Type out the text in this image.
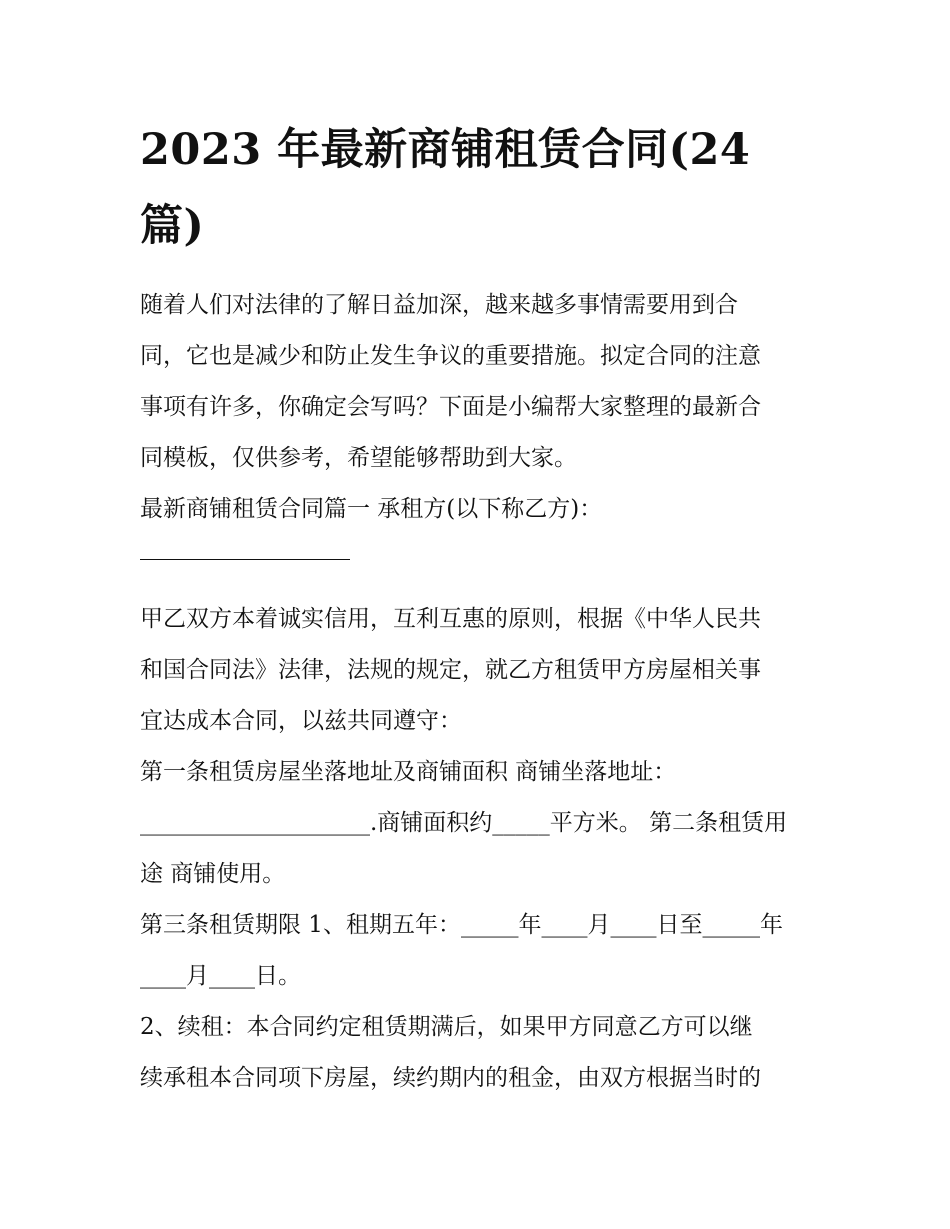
2023 年最新商铺租赁合同(24
篇)
随着人们对法律的了解日益加深，越来越多事情需要用到合
同，它也是减少和防止发生争议的重要措施。拟定合同的注意
事项有许多，你确定会写吗？下面是小编帮大家整理的最新合
同模板，仅供参考，希望能够帮助到大家。
最新商铺租赁合同篇一 承租方(以下称乙方)：
甲乙双方本着诚实信用，互利互惠的原则，根据《中华人民共
和国合同法》法律，法规的规定，就乙方租赁甲方房屋相关事
宜达成本合同，以兹共同遵守：
第一条租赁房屋坐落地址及商铺面积 商铺坐落地址：
____________________.商铺面积约_____平方米。 第二条租赁用
途 商铺使用。
第三条租赁期限 1、租期五年：_____年____月____日至_____年
____月____日。
2、续租：本合同约定租赁期满后，如果甲方同意乙方可以继
续承租本合同项下房屋，续约期内的租金，由双方根据当时的
